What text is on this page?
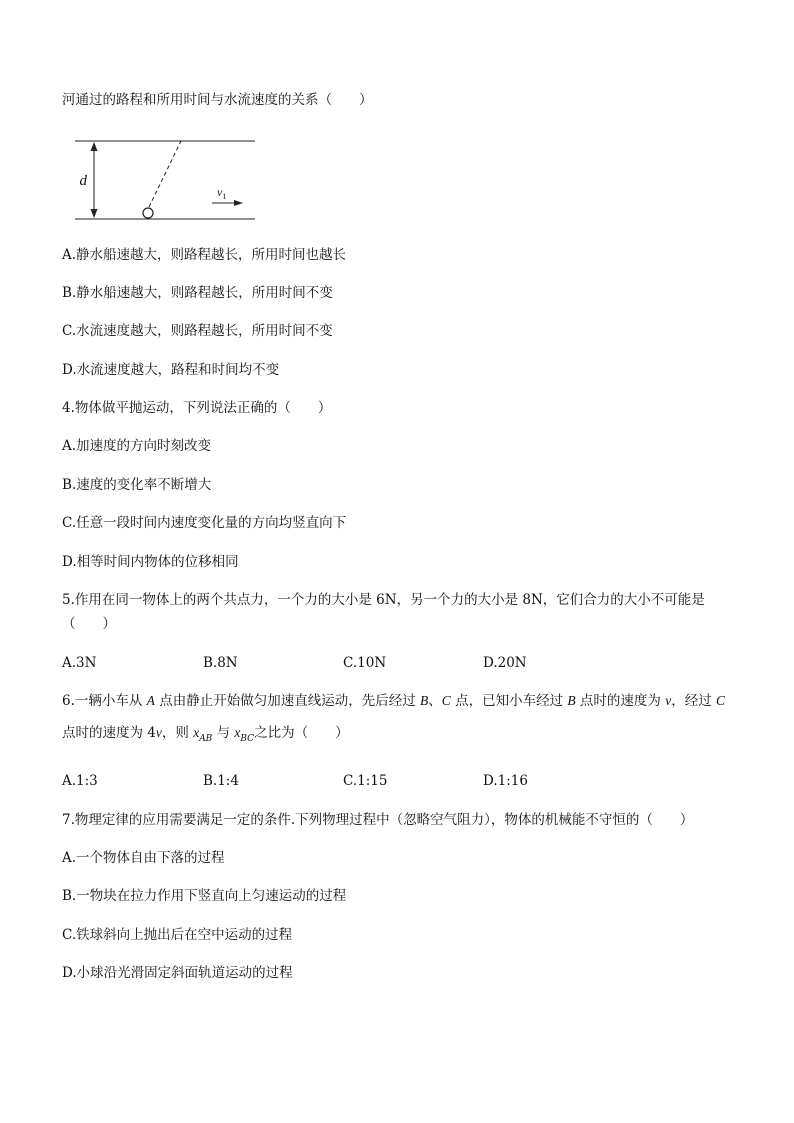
河通过的路程和所用时间与水流速度的关系（　　）
d
$v_1$
A.静水船速越大，则路程越长，所用时间也越长
B.静水船速越大，则路程越长，所用时间不变
C.水流速度越大，则路程越长，所用时间不变
D.水流速度越大，路程和时间均不变
4.物体做平抛运动，下列说法正确的（　　）
A.加速度的方向时刻改变
B.速度的变化率不断增大
C.任意一段时间内速度变化量的方向均竖直向下
D.相等时间内物体的位移相同
5.作用在同一物体上的两个共点力，一个力的大小是 6N，另一个力的大小是 8N，它们合力的大小不可能是
（　　）
A.3N	B.8N	C.10N	D.20N
6.一辆小车从 A 点由静止开始做匀加速直线运动，先后经过 B、C 点，已知小车经过 B 点时的速度为 v，经过 C
点时的速度为 4v，则 $x_{AB}$ 与 $x_{BC}$之比为（　　）
A.1:3	B.1:4	C.1:15	D.1:16
7.物理定律的应用需要满足一定的条件.下列物理过程中（忽略空气阻力），物体的机械能不守恒的（　　）
A.一个物体自由下落的过程
B.一物块在拉力作用下竖直向上匀速运动的过程
C.铁球斜向上抛出后在空中运动的过程
D.小球沿光滑固定斜面轨道运动的过程
